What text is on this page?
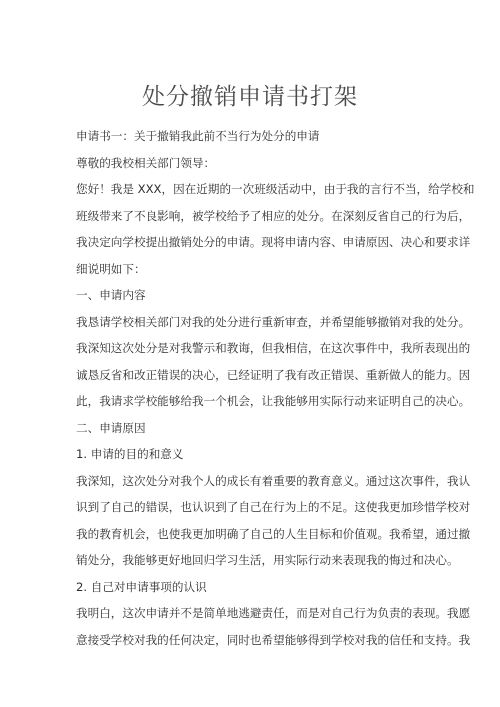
处分撤销申请书打架
申请书一：关于撤销我此前不当行为处分的申请
尊敬的我校相关部门领导：
您好！我是 XXX，因在近期的一次班级活动中，由于我的言行不当，给学校和
班级带来了不良影响，被学校给予了相应的处分。在深刻反省自己的行为后，
我决定向学校提出撤销处分的申请。现将申请内容、申请原因、决心和要求详
细说明如下：
一、申请内容
我恳请学校相关部门对我的处分进行重新审查，并希望能够撤销对我的处分。
我深知这次处分是对我警示和教诲，但我相信，在这次事件中，我所表现出的
诚恳反省和改正错误的决心，已经证明了我有改正错误、重新做人的能力。因
此，我请求学校能够给我一个机会，让我能够用实际行动来证明自己的决心。
二、申请原因
1. 申请的目的和意义
我深知，这次处分对我个人的成长有着重要的教育意义。通过这次事件，我认
识到了自己的错误，也认识到了自己在行为上的不足。这使我更加珍惜学校对
我的教育机会，也使我更加明确了自己的人生目标和价值观。我希望，通过撤
销处分，我能够更好地回归学习生活，用实际行动来表现我的悔过和决心。
2. 自己对申请事项的认识
我明白，这次申请并不是简单地逃避责任，而是对自己行为负责的表现。我愿
意接受学校对我的任何决定，同时也希望能够得到学校对我的信任和支持。我
